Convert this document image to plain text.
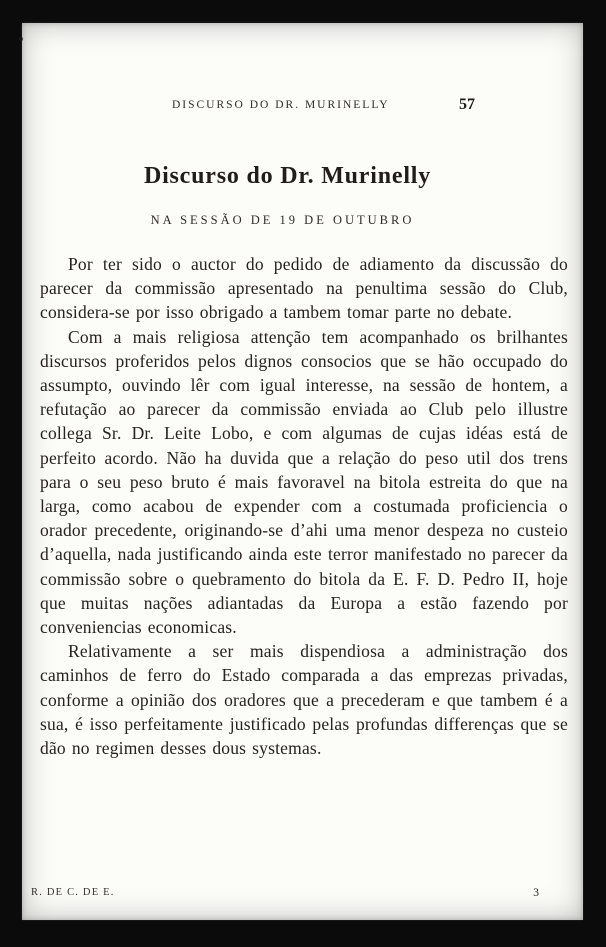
DISCURSO DO DR. MURINELLY	57
Discurso do Dr. Murinelly
NA SESSÃO DE 19 DE OUTUBRO

Por ter sido o auctor do pedido de adiamento da discussão do parecer da commissão apresentado na penultima sessão do Club, considera-se por isso obrigado a tambem tomar parte no debate.

Com a mais religiosa attenção tem acompanhado os brilhantes discursos proferidos pelos dignos consocios que se hão occupado do assumpto, ouvindo lêr com igual interesse, na sessão de hontem, a refutação ao parecer da commissão enviada ao Club pelo illustre collega Sr. Dr. Leite Lobo, e com algumas de cujas idéas está de perfeito acordo. Não ha duvida que a relação do peso util dos trens para o seu peso bruto é mais favoravel na bitola estreita do que na larga, como acabou de expender com a costumada proficiencia o orador precedente, originando-se d’ahi uma menor despeza no custeio d’aquella, nada justificando ainda este terror manifestado no parecer da commissão sobre o quebramento do bitola da E. F. D. Pedro II, hoje que muitas nações adiantadas da Europa a estão fazendo por conveniencias economicas.

Relativamente a ser mais dispendiosa a administração dos caminhos de ferro do Estado comparada a das emprezas privadas, conforme a opinião dos oradores que a precederam e que tambem é a sua, é isso perfeitamente justificado pelas profundas differenças que se dão no regimen desses dous systemas.

R. DE C. DE E.	3
